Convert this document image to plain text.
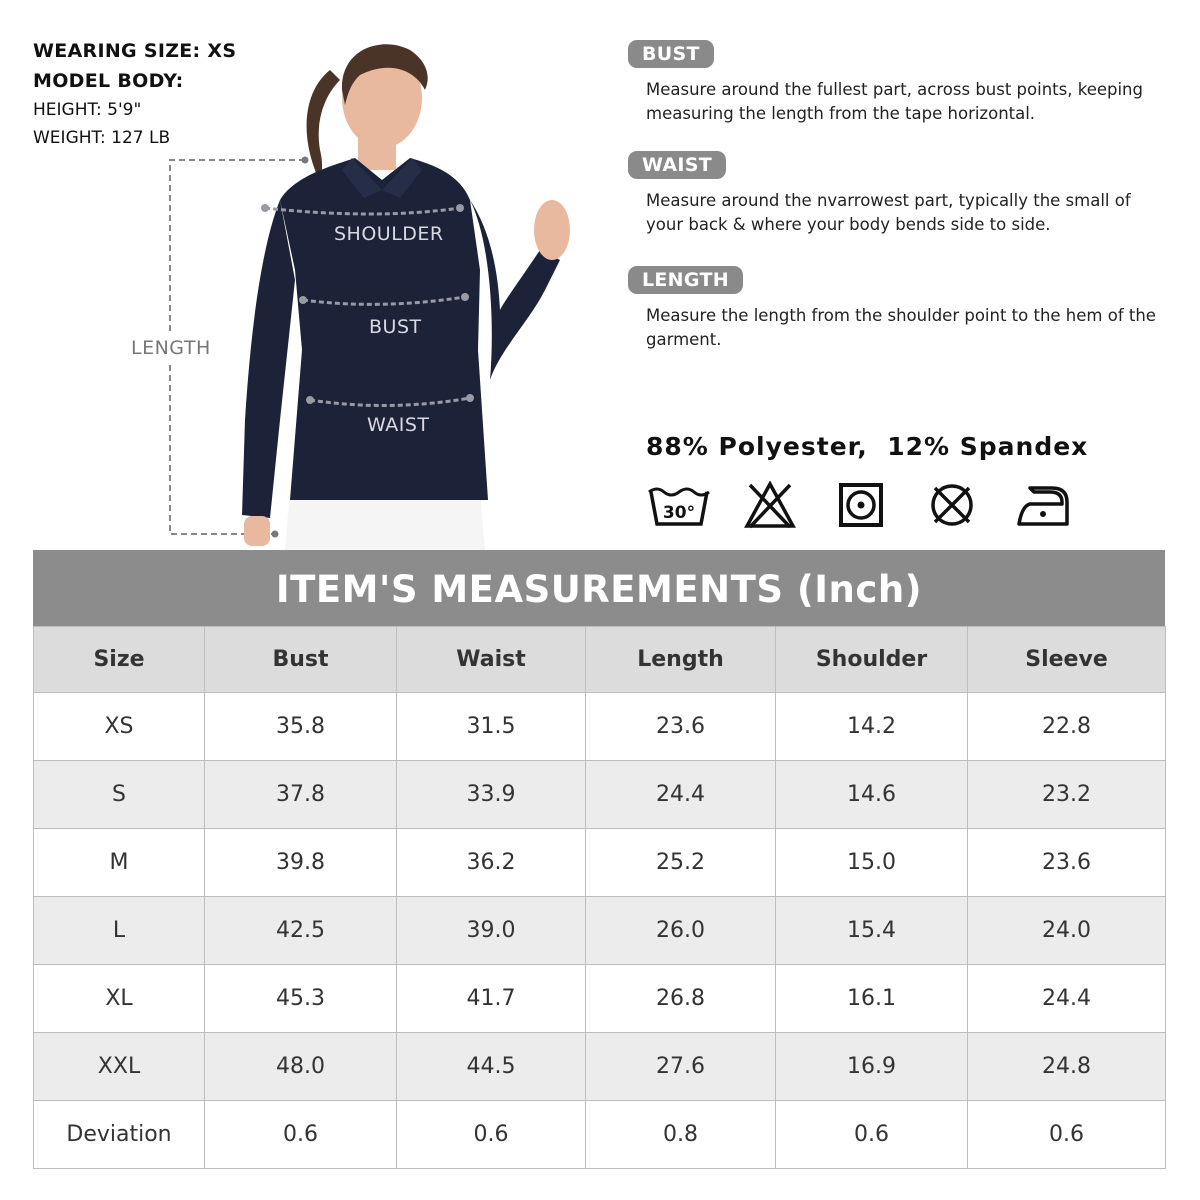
WEARING SIZE: XS
MODEL BODY:
HEIGHT: 5'9"
WEIGHT: 127 LB
SHOULDER
BUST
WAIST
LENGTH
BUST
Measure around the fullest part, across bust points, keeping measuring the length from the tape horizontal.
WAIST
Measure around the nvarrowest part, typically the small of your back & where your body bends side to side.
LENGTH
Measure the length from the shoulder point to the hem of the garment.
88% Polyester,  12% Spandex
30°
ITEM'S MEASUREMENTS (Inch)
Size	Bust	Waist	Length	Shoulder	Sleeve
XS	35.8	31.5	23.6	14.2	22.8
S	37.8	33.9	24.4	14.6	23.2
M	39.8	36.2	25.2	15.0	23.6
L	42.5	39.0	26.0	15.4	24.0
XL	45.3	41.7	26.8	16.1	24.4
XXL	48.0	44.5	27.6	16.9	24.8
Deviation	0.6	0.6	0.8	0.6	0.6
